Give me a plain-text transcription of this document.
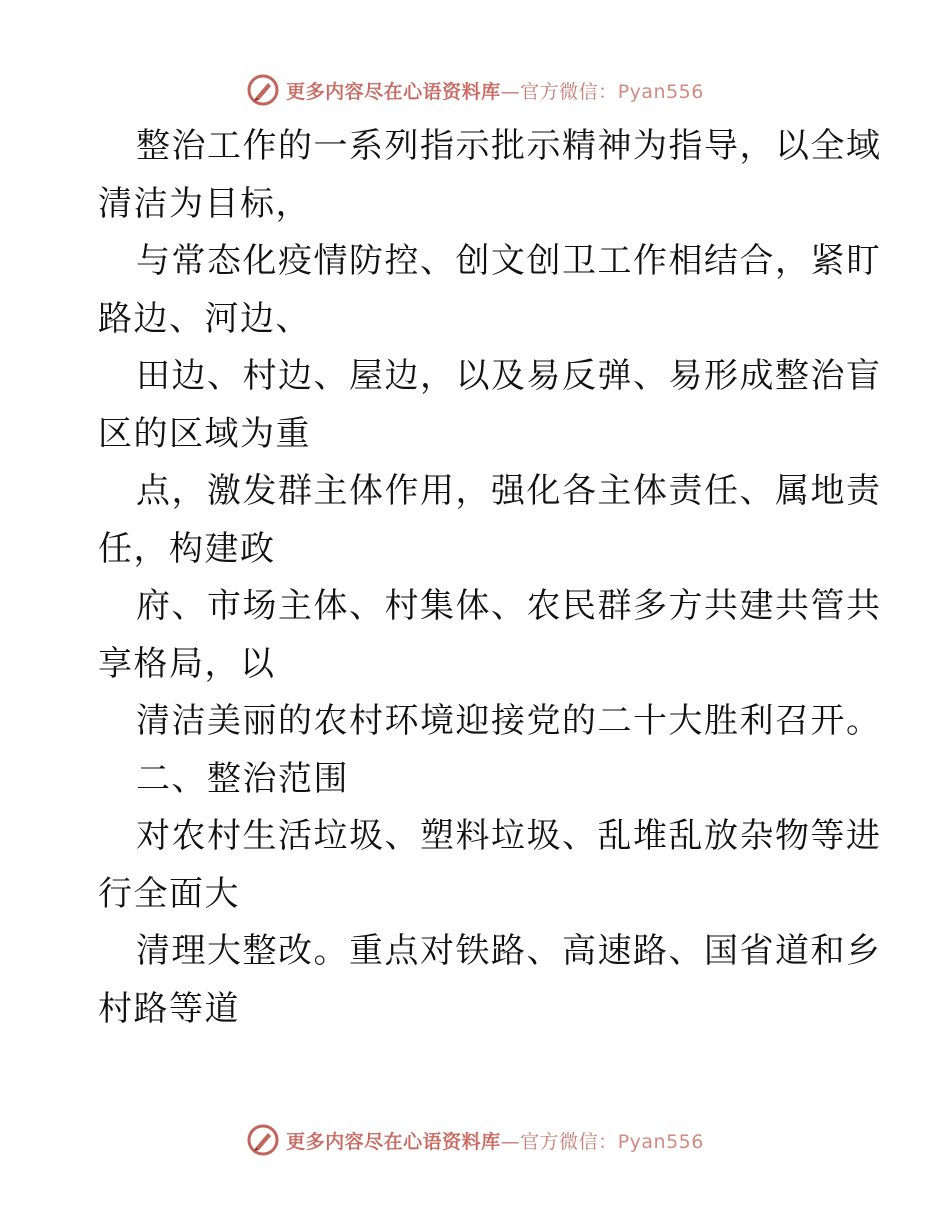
更多内容尽在心语资料库—官方微信：Pyan556
整治工作的一系列指示批示精神为指导，以全域
清洁为目标，
与常态化疫情防控、创文创卫工作相结合，紧盯
路边、河边、
田边、村边、屋边，以及易反弹、易形成整治盲
区的区域为重
点，激发群主体作用，强化各主体责任、属地责
任，构建政
府、市场主体、村集体、农民群多方共建共管共
享格局，以
清洁美丽的农村环境迎接党的二十大胜利召开。
二、整治范围
对农村生活垃圾、塑料垃圾、乱堆乱放杂物等进
行全面大
清理大整改。重点对铁路、高速路、国省道和乡
村路等道
更多内容尽在心语资料库—官方微信：Pyan556
